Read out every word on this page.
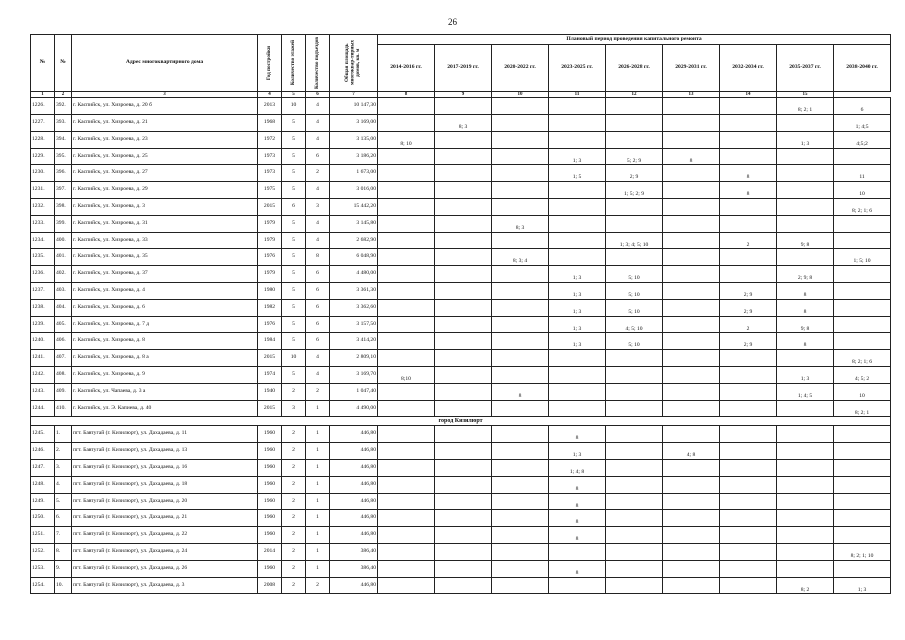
26
№	№	Адрес многоквартирного дома	Год постройки	Количество этажей	Количество подъездов	Общая площадь многоквар-тирных домов, кв. м	Плановый период проведения капитального ремонта								
							2014-2016 гг.	2017-2019 гг.	2020-2022 гг.	2023-2025 гг.	2026-2028 гг.	2029-2031 гг.	2032-2034 гг.	2035-2037 гг.	2038-2040 гг.
1	2	3	4	5	6	7	8	9	10	11	12	13	14	15	
1226.	392.	г. Каспийск, ул. Хизроева, д. 20 б	2013	10	4	10 147,30								8; 2; 1	6
1227.	393.	г. Каспийск, ул. Хизроева, д. 21	1968	5	4	3 169,00		8; 3							1; 4;5
1228.	394.	г. Каспийск, ул. Хизроева, д. 23	1972	5	4	3 135,00	8; 10							1; 3	4;5;2
1229.	395.	г. Каспийск, ул. Хизроева, д. 25	1973	5	6	3 186,20				1; 3	5; 2; 9	8			
1230.	396.	г. Каспийск, ул. Хизроева, д. 27	1973	5	2	1 673,00				1; 5	2; 9		8		11
1231.	397.	г. Каспийск, ул. Хизроева, д. 29	1975	5	4	3 016,00					1; 5; 2; 9		8		10
1232.	398.	г. Каспийск, ул. Хизроева, д. 3	2015	6	3	15 442,20									8; 2; 1; 6
1233.	399.	г. Каспийск, ул. Хизроева, д. 31	1979	5	4	3 145,80			8; 3						
1234.	400.	г. Каспийск, ул. Хизроева, д. 33	1979	5	4	2 682,90					1; 3; 4; 5; 10		2	9; 8	
1235.	401.	г. Каспийск, ул. Хизроева, д. 35	1976	5	8	6 048,90			8; 3; 4						1; 5; 10
1236.	402.	г. Каспийск, ул. Хизроева, д. 37	1979	5	6	4 480,00				1; 3	5; 10			2; 9; 8	
1237.	403.	г. Каспийск, ул. Хизроева, д. 4	1980	5	6	3 361,30				1; 3	5; 10		2; 9	8	
1238.	404.	г. Каспийск, ул. Хизроева, д. 6	1982	5	6	3 362,60				1; 3	5; 10		2; 9	8	
1239.	405.	г. Каспийск, ул. Хизроева, д. 7 д	1976	5	6	3 157,50				1; 3	4; 5; 10		2	9; 8	
1240.	406.	г. Каспийск, ул. Хизроева, д. 8	1984	5	6	3 414,20				1; 3	5; 10		2; 9	8	
1241.	407.	г. Каспийск, ул. Хизроева, д. 8 а	2015	10	4	2 809,10									8; 2; 1; 6
1242.	408.	г. Каспийск, ул. Хизроева, д. 9	1974	5	4	3 169,70	8;10							1; 3	4; 5; 2
1243.	409.	г. Каспийск, ул. Чапаева, д. 3 а	1940	2	2	1 047,40			8					1; 4; 5	10
1244.	410.	г. Каспийск, ул. Э. Капиева, д. 40	2015	3	1	4 490,00									8; 2; 1
город Кизилюрт															
1245.	1.	пгт. Бавтугай (г. Кизилюрт), ул. Дахадаева, д. 11	1960	2	1	446,80				8					
1246.	2.	пгт. Бавтугай (г. Кизилюрт), ул. Дахадаева, д. 13	1960	2	1	446,80				1; 3		4; 8			
1247.	3.	пгт. Бавтугай (г. Кизилюрт), ул. Дахадаева, д. 16	1960	2	1	446,80				1; 4; 8					
1248.	4.	пгт. Бавтугай (г. Кизилюрт), ул. Дахадаева, д. 18	1960	2	1	446,80				8					
1249.	5.	пгт. Бавтугай (г. Кизилюрт), ул. Дахадаева, д. 20	1960	2	1	446,80				8					
1250.	6.	пгт. Бавтугай (г. Кизилюрт), ул. Дахадаева, д. 21	1960	2	1	446,80				8					
1251.	7.	пгт. Бавтугай (г. Кизилюрт), ул. Дахадаева, д. 22	1960	2	1	446,80				8					
1252.	8.	пгт. Бавтугай (г. Кизилюрт), ул. Дахадаева, д. 24	2014	2	1	386,40									8; 2; 1; 10
1253.	9.	пгт. Бавтугай (г. Кизилюрт), ул. Дахадаева, д. 26	1960	2	1	386,40				8					
1254.	10.	пгт. Бавтугай (г. Кизилюрт), ул. Дахадаева, д. 3	2008	2	2	446,80								8; 2	1; 3
